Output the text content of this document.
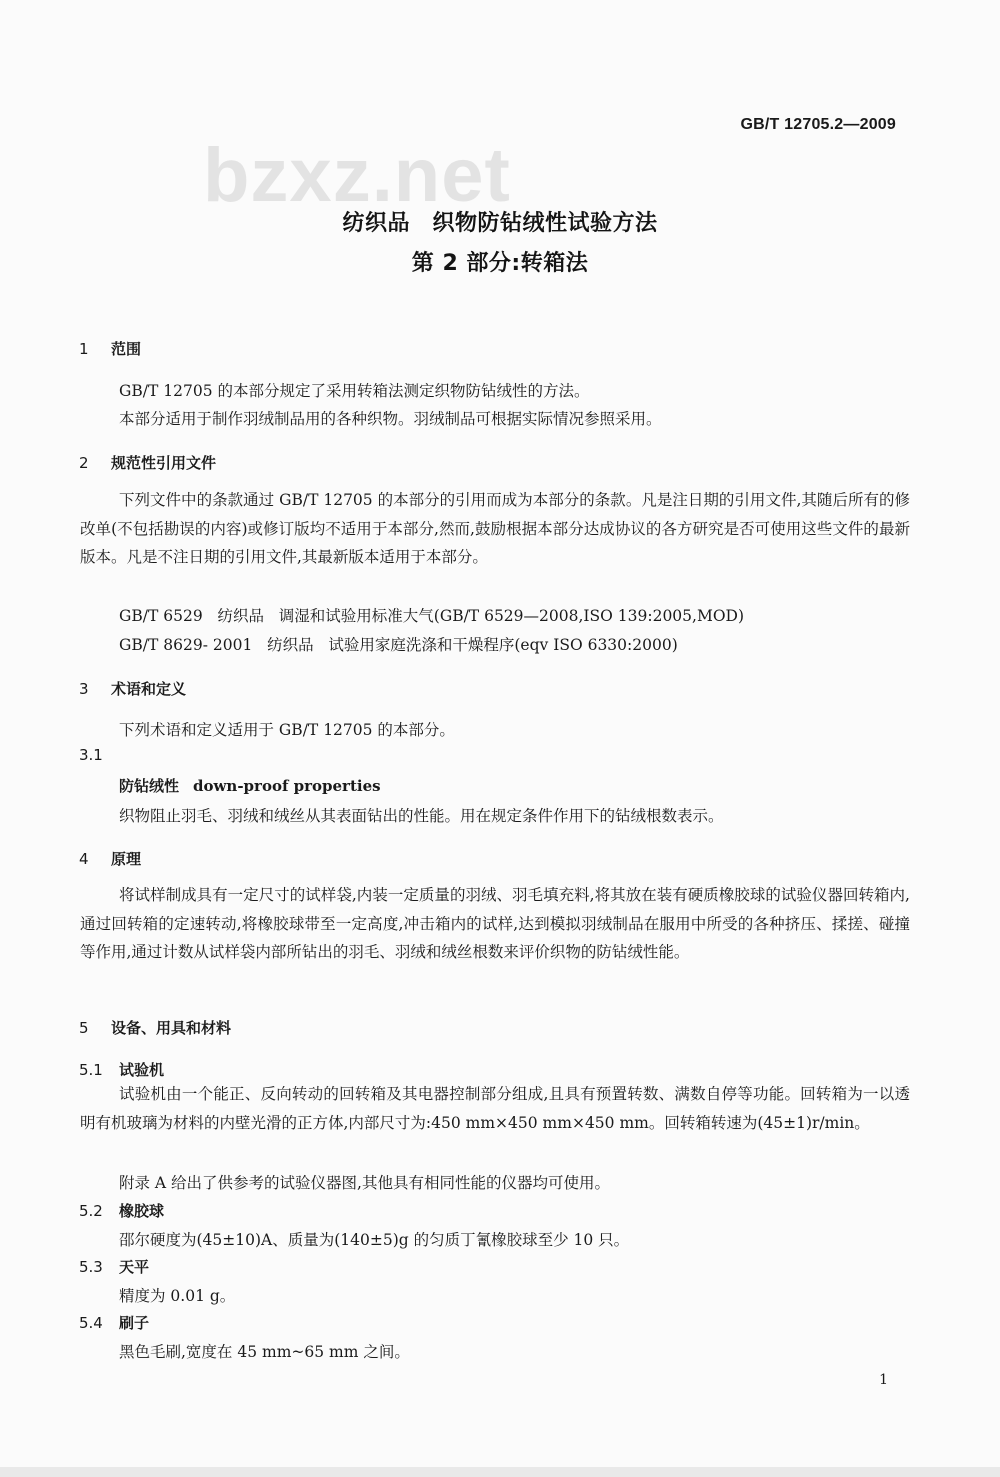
GB/T 12705.2—2009
bzxz.net
纺织品　织物防钻绒性试验方法
第 2 部分:转箱法
1 范围
GB/T 12705 的本部分规定了采用转箱法测定织物防钻绒性的方法。
本部分适用于制作羽绒制品用的各种织物。羽绒制品可根据实际情况参照采用。
2 规范性引用文件
下列文件中的条款通过 GB/T 12705 的本部分的引用而成为本部分的条款。凡是注日期的引用文件,其随后所有的修改单(不包括勘误的内容)或修订版均不适用于本部分,然而,鼓励根据本部分达成协议的各方研究是否可使用这些文件的最新版本。凡是不注日期的引用文件,其最新版本适用于本部分。
GB/T 6529   纺织品   调湿和试验用标准大气(GB/T 6529—2008,ISO 139:2005,MOD)
GB/T 8629- 2001   纺织品   试验用家庭洗涤和干燥程序(eqv ISO 6330:2000)
3 术语和定义
下列术语和定义适用于 GB/T 12705 的本部分。
3.1
防钻绒性 down-proof properties
织物阻止羽毛、羽绒和绒丝从其表面钻出的性能。用在规定条件作用下的钻绒根数表示。
4 原理
将试样制成具有一定尺寸的试样袋,内装一定质量的羽绒、羽毛填充料,将其放在装有硬质橡胶球的试验仪器回转箱内,通过回转箱的定速转动,将橡胶球带至一定高度,冲击箱内的试样,达到模拟羽绒制品在服用中所受的各种挤压、揉搓、碰撞等作用,通过计数从试样袋内部所钻出的羽毛、羽绒和绒丝根数来评价织物的防钻绒性能。
5 设备、用具和材料
5.1 试验机
试验机由一个能正、反向转动的回转箱及其电器控制部分组成,且具有预置转数、满数自停等功能。回转箱为一以透明有机玻璃为材料的内壁光滑的正方体,内部尺寸为:450 mm×450 mm×450 mm。回转箱转速为(45±1)r/min。
附录 A 给出了供参考的试验仪器图,其他具有相同性能的仪器均可使用。
5.2 橡胶球
邵尔硬度为(45±10)A、质量为(140±5)g 的匀质丁氰橡胶球至少 10 只。
5.3 天平
精度为 0.01 g。
5.4 刷子
黑色毛刷,宽度在 45 mm~65 mm 之间。
1
